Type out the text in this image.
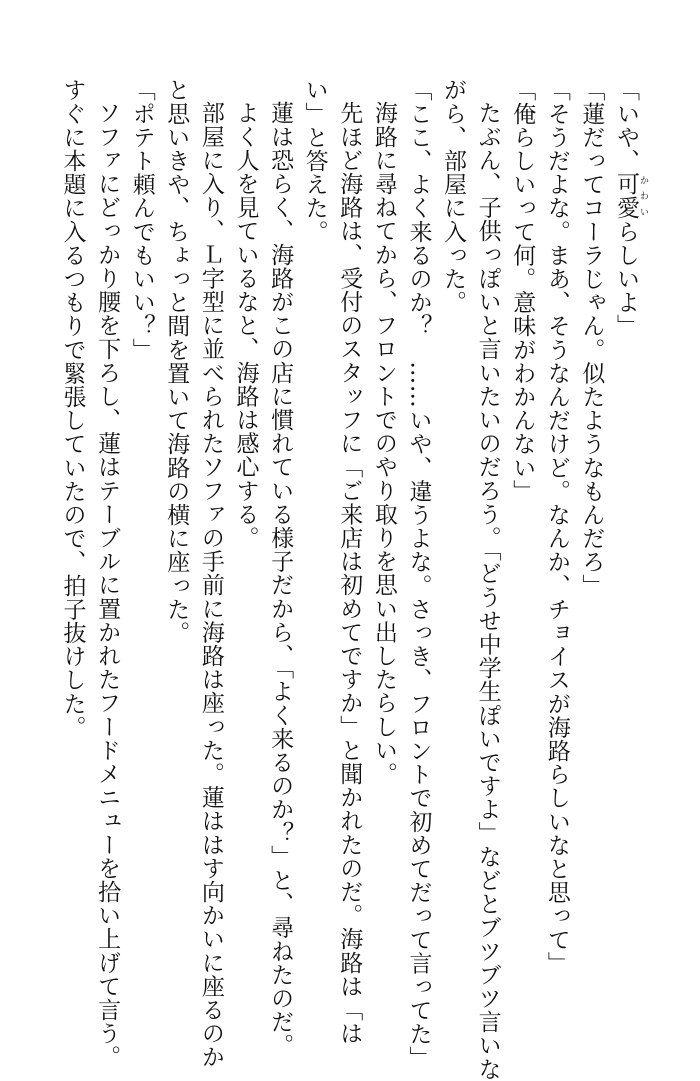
「いや、可愛 かわいらしいよ」
「蓮だってコーラじゃん。似たようなもんだろ」
「そうだよな。まあ、そうなんだけど。なんか、チョイスが海路らしいなと思って」
「俺らしいって何。意味がわかんない」
たぶん、子供っぽいと言いたいのだろう。「どうせ中学生ぽいですよ」などとブツブツ言いな
がら、部屋に入った。
「ここ、よく来るのか？　……いや、違うよな。さっき、フロントで初めてだって言ってた」
海路に尋ねてから、フロントでのやり取りを思い出したらしい。
先ほど海路は、受付のスタッフに「ご来店は初めてですか」と聞かれたのだ。海路は「は
い」と答えた。
蓮は恐らく、海路がこの店に慣れている様子だから、「よく来るのか？」と、尋ねたのだ。
よく人を見ているなと、海路は感心する。
部屋に入り、Ｌ字型に並べられたソファの手前に海路は座った。蓮ははす向かいに座るのか
と思いきや、ちょっと間を置いて海路の横に座った。
「ポテト頼んでもいい？」
ソファにどっかり腰を下ろし、蓮はテーブルに置かれたフードメニューを拾い上げて言う。
すぐに本題に入るつもりで緊張していたので、拍子抜けした。
